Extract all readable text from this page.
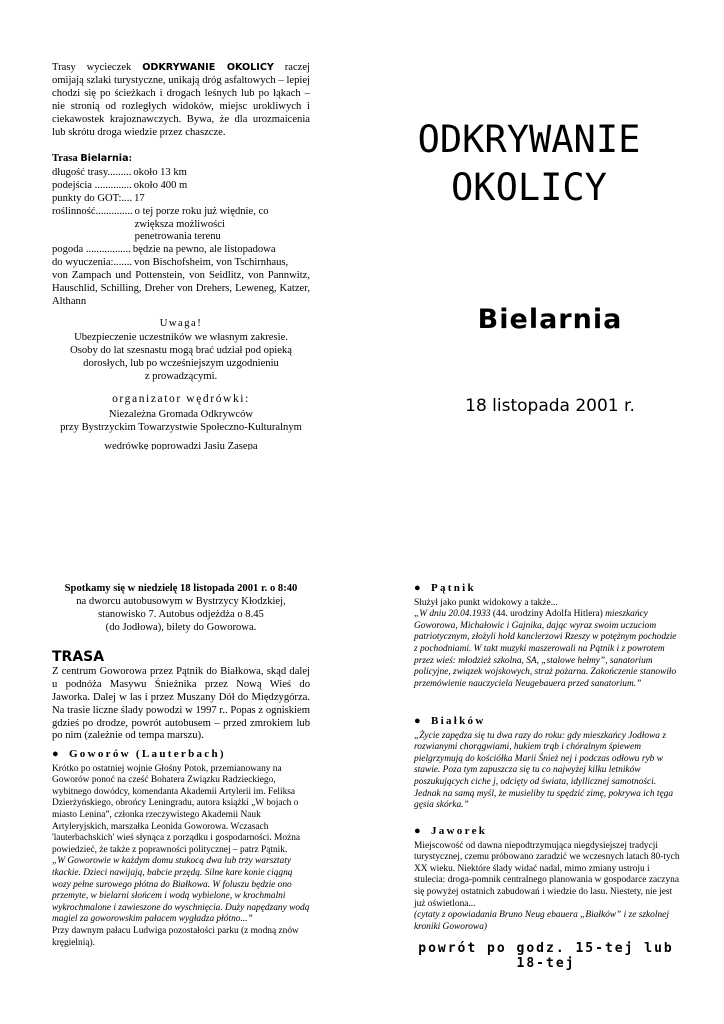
Trasy wycieczek ODKRYWANIE OKOLICY raczej omijają szlaki turystyczne, unikają dróg asfaltowych – lepiej chodzi się po ścieżkach i drogach leśnych lub po łąkach – nie stronią od rozległych widoków, miejsc urokliwych i ciekawostek krajoznawczych. Bywa, że dla urozmaicenia lub skrótu droga wiedzie przez chaszcze.

Trasa Bielarnia:

długość trasy......... około 13 km
podejścia .............. około 400 m
punkty do GOT:.... 17
roślinność.............. o tej porze roku już więdnie, co zwiększa możliwości penetrowania terenu
pogoda ................. będzie na pewno, ale listopadowa
do wyuczenia:....... von Bischofsheim, von Tschirnhaus,

von Zampach und Pottenstein, von Seidlitz, von Pannwitz, Hauschlid, Schilling, Dreher von Drehers, Leweneg, Katzer, Althann

Uwaga!

Ubezpieczenie uczestników we własnym zakresie.

Osoby do lat szesnastu mogą brać udział pod opieką

dorosłych, lub po wcześniejszym uzgodnieniu

z prowadzącymi.

organizator wędrówki:

Niezależna Gromada Odkrywców

przy Bystrzyckim Towarzystwie Społeczno-Kulturalnym

wedrówkę poprowadzi Jasiu Zasepa

ODKRYWANIE
OKOLICY
Bielarnia
18 listopada 2001 r.

Spotkamy się w niedzielę 18 listopada 2001 r. o 8:40

na dworcu autobusowym w Bystrzycy Kłodzkiej,

stanowisko 7. Autobus odjeżdża o 8.45

(do Jodłowa), bilety do Goworowa.

TRASA

Z centrum Goworowa przez Pątnik do Białkowa, skąd dalej u podnóża Masywu Śnieżnika przez Nową Wieś do Jaworka. Dalej w las i przez Muszany Dół do Międzygórza. Na trasie liczne ślady powodzi w 1997 r.. Popas z ogniskiem gdzieś po drodze, powrót autobusem – przed zmrokiem lub po nim (zależnie od tempa marszu).

● Goworów (Lauterbach)

Krótko po ostatniej wojnie Głośny Potok, przemianowany na Goworów ponoć na cześć Bohatera Związku Radzieckiego, wybitnego dowódcy, komendanta Akademii Artylerii im. Feliksa Dzierżyńskiego, obrońcy Leningradu, autora książki „W bojach o miasto Lenina”, członka rzeczywistego Akademii Nauk Artyleryjskich, marszałka Leonida Goworowa. Wczasach 'lauterbachskich' wieś słynąca z porządku i gospodarności. Można powiedzieć, że także z poprawności politycznej – patrz Pątnik.

„W Goworowie w każdym domu stukocą dwa lub trzy warsztaty tkackie. Dzieci nawijają, babcie przędą. Silne kare konie ciągną wozy pełne surowego płótna do Białkowa. W foluszu będzie ono przemyte, w bielarni słońcem i wodą wybielone, w krochmalni wykrochmalone i zawieszone do wyschnięcia. Duży napędzany wodą magiel za goworowskim pałacem wygładza płótno...”

Przy dawnym pałacu Ludwiga pozostałości parku (z modną znów kręgielnią).

● Pątnik

Służył jako punkt widokowy a także...

„W dniu 20.04.1933 (44. urodziny Adolfa Hitlera) mieszkańcy Goworowa, Michałowic i Gajnika, dając wyraz swoim uczuciom patriotycznym, złożyli hołd kanclerzowi Rzeszy w potężnym pochodzie z pochodniami. W takt muzyki maszerowali na Pątnik i z powrotem przez wieś: młodzież szkolna, SA, „stalowe hełmy”, sanatorium policyjne, związek wojskowych, straż pożarna. Zakończenie stanowiło przemówienie nauczyciela Neugebauera przed sanatorium.”

● Białków

„Życie zapędza się tu dwa razy do roku: gdy mieszkańcy Jodłowa z rozwianymi chorągwiami, hukiem trąb i chóralnym śpiewem pielgrzymują do kościółka Marii Śnież nej i podczas odłowu ryb w stawie. Poza tym zapuszcza się tu co najwyżej kilku letników poszukujących ciche j, odcięty od świata, idyllicznej samotności. Jednak na samą myśl, że musieliby tu spędzić zimę, pokrywa ich tęga gęsia skórka.”

● Jaworek

Miejscowość od dawna niepodtrzymująca niegdysiejszej tradycji turystycznej, czemu próbowano zaradzić we wczesnych latach 80-tych XX wieku. Niektóre ślady widać nadal, mimo zmiany ustroju i stulecia: droga-pomnik centralnego planowania w gospodarce zaczyna się powyżej ostatnich zabudowań i wiedzie do lasu. Niestety, nie jest już oświetlona...

(cytaty z opowiadania Bruno Neug ebauera „Białków” i ze szkolnej kroniki Goworowa)

powrót po godz. 15-tej lub 18-tej
